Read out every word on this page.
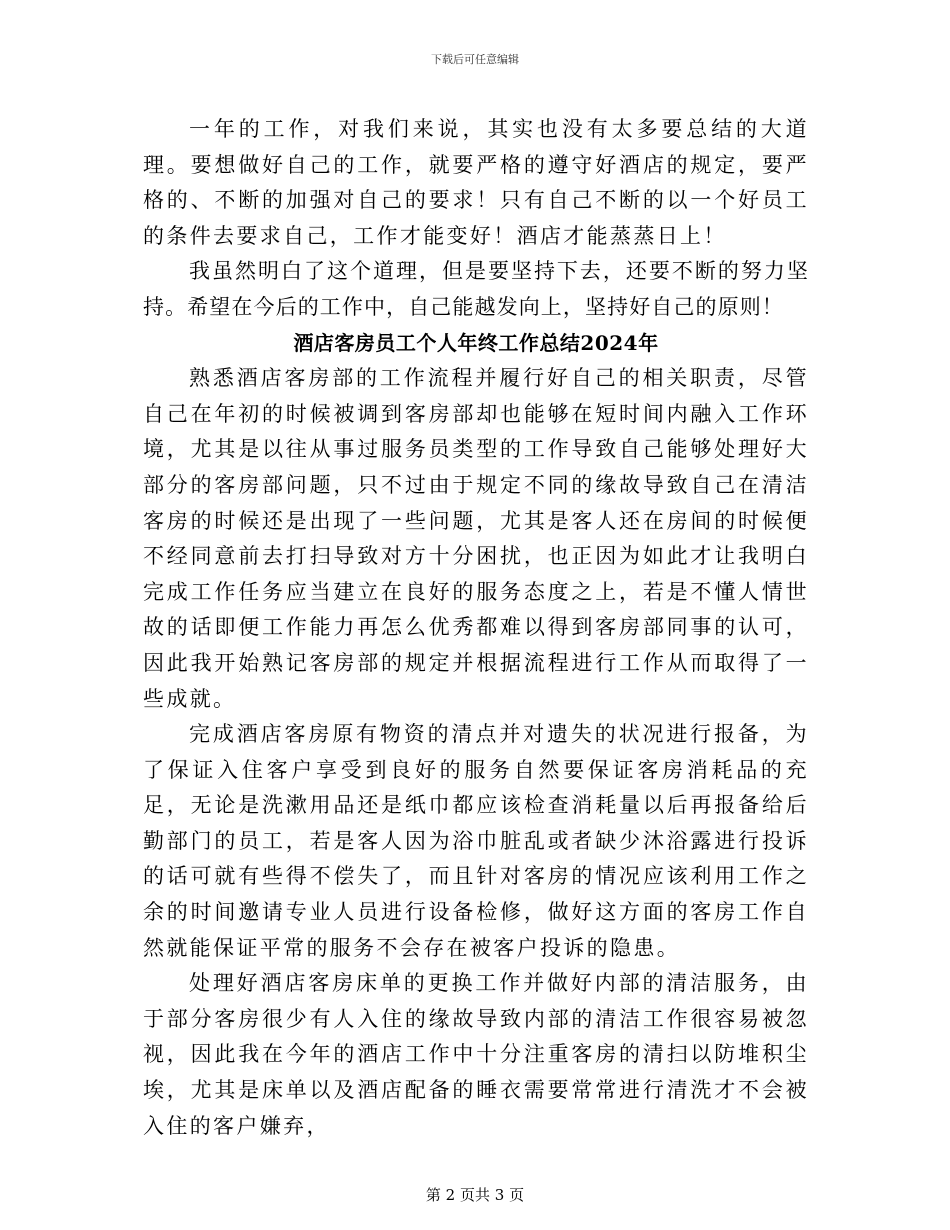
下载后可任意编辑

一年的工作，对我们来说，其实也没有太多要总结的大道理。要想做好自己的工作，就要严格的遵守好酒店的规定，要严格的、不断的加强对自己的要求！只有自己不断的以一个好员工的条件去要求自己，工作才能变好！酒店才能蒸蒸日上！

我虽然明白了这个道理，但是要坚持下去，还要不断的努力坚持。希望在今后的工作中，自己能越发向上，坚持好自己的原则！

酒店客房员工个人年终工作总结2024年

熟悉酒店客房部的工作流程并履行好自己的相关职责，尽管自己在年初的时候被调到客房部却也能够在短时间内融入工作环境，尤其是以往从事过服务员类型的工作导致自己能够处理好大部分的客房部问题，只不过由于规定不同的缘故导致自己在清洁客房的时候还是出现了一些问题，尤其是客人还在房间的时候便不经同意前去打扫导致对方十分困扰，也正因为如此才让我明白完成工作任务应当建立在良好的服务态度之上，若是不懂人情世故的话即便工作能力再怎么优秀都难以得到客房部同事的认可，因此我开始熟记客房部的规定并根据流程进行工作从而取得了一些成就。

完成酒店客房原有物资的清点并对遗失的状况进行报备，为了保证入住客户享受到良好的服务自然要保证客房消耗品的充足，无论是洗漱用品还是纸巾都应该检查消耗量以后再报备给后勤部门的员工，若是客人因为浴巾脏乱或者缺少沐浴露进行投诉的话可就有些得不偿失了，而且针对客房的情况应该利用工作之余的时间邀请专业人员进行设备检修，做好这方面的客房工作自然就能保证平常的服务不会存在被客户投诉的隐患。

处理好酒店客房床单的更换工作并做好内部的清洁服务，由于部分客房很少有人入住的缘故导致内部的清洁工作很容易被忽视，因此我在今年的酒店工作中十分注重客房的清扫以防堆积尘埃，尤其是床单以及酒店配备的睡衣需要常常进行清洗才不会被入住的客户嫌弃，

第 2 页共 3 页
